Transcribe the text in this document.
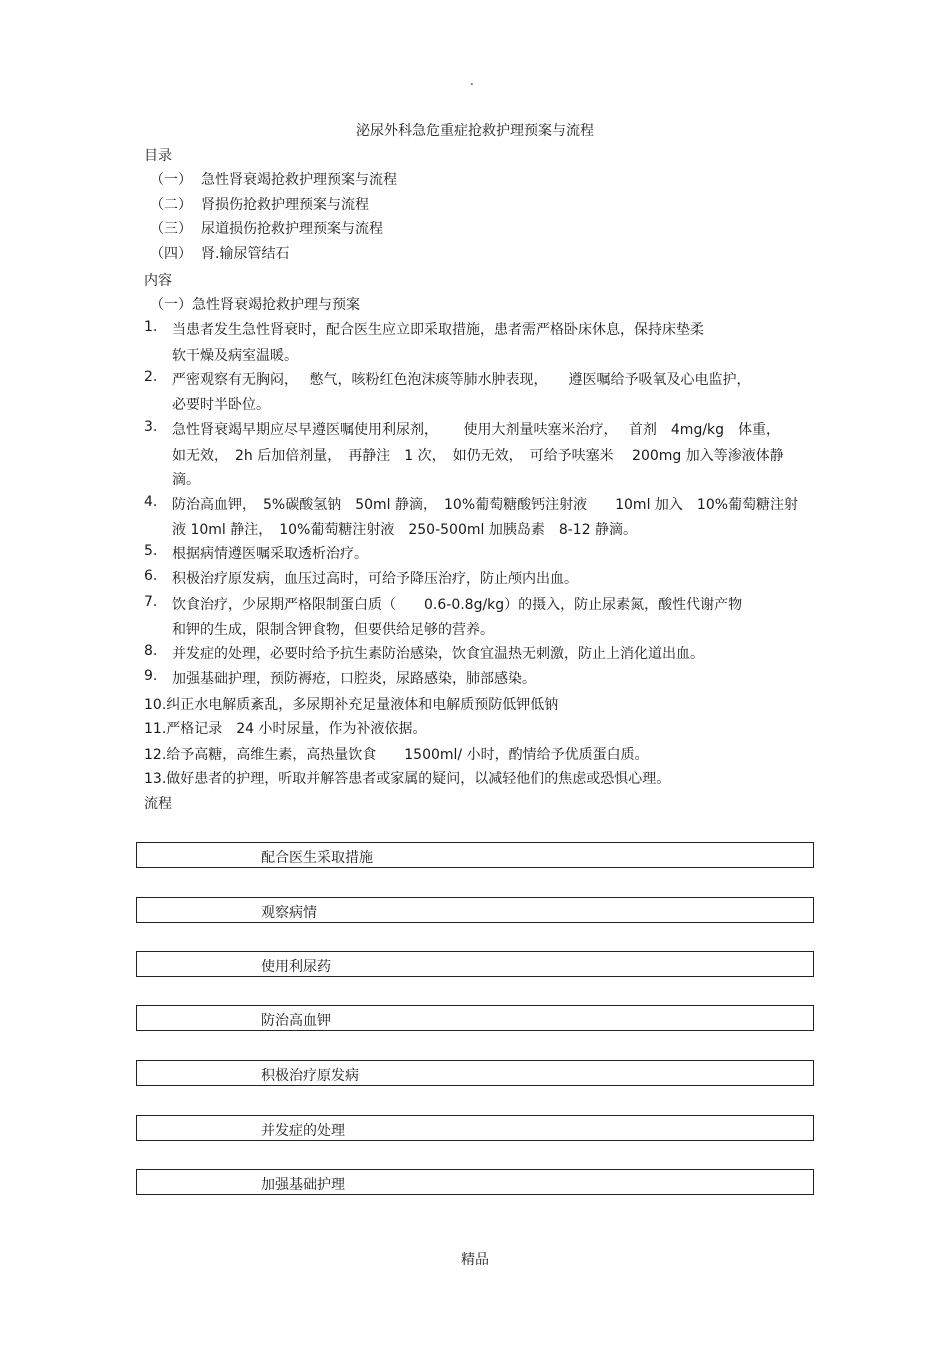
.
泌尿外科急危重症抢救护理预案与流程
目录
（一） 急性肾衰竭抢救护理预案与流程
（二） 肾损伤抢救护理预案与流程
（三） 尿道损伤抢救护理预案与流程
（四） 肾.输尿管结石
内容
（一）急性肾衰竭抢救护理与预案
1. 当患者发生急性肾衰时，配合医生应立即采取措施，患者需严格卧床休息，保持床垫柔
软干燥及病室温暖。
2. 严密观察有无胸闷，　 憋气，咳粉红色泡沫痰等肺水肿表现，　　遵医嘱给予吸氧及心电监护，
必要时半卧位。
3. 急性肾衰竭早期应尽早遵医嘱使用利尿剂，　　 使用大剂量呋塞米治疗，　 首剂　4mg/kg　体重，
如无效，　2h 后加倍剂量，　再静注　1 次，　如仍无效，　可给予呋塞米　 200mg 加入等渗液体静
滴。
4. 防治高血钾，　5%碳酸氢钠　50ml 静滴，　10%葡萄糖酸钙注射液　　10ml 加入　10%葡萄糖注射
液 10ml 静注，　10%葡萄糖注射液　250-500ml 加胰岛素　8-12 静滴。
5. 根据病情遵医嘱采取透析治疗。
6. 积极治疗原发病，血压过高时，可给予降压治疗，防止颅内出血。
7. 饮食治疗，少尿期严格限制蛋白质（　　0.6-0.8g/kg）的摄入，防止尿素氮，酸性代谢产物
和钾的生成，限制含钾食物，但要供给足够的营养。
8. 并发症的处理，必要时给予抗生素防治感染，饮食宜温热无刺激，防止上消化道出血。
9. 加强基础护理，预防褥疮，口腔炎，尿路感染，肺部感染。
10.纠正水电解质紊乱，多尿期补充足量液体和电解质预防低钾低钠
11.严格记录　24 小时尿量，作为补液依据。
12.给予高糖，高维生素，高热量饮食　　1500ml/ 小时，酌情给予优质蛋白质。
13.做好患者的护理，听取并解答患者或家属的疑问，以减轻他们的焦虑或恐惧心理。
流程
配合医生采取措施
观察病情
使用利尿药
防治高血钾
积极治疗原发病
并发症的处理
加强基础护理
精品
